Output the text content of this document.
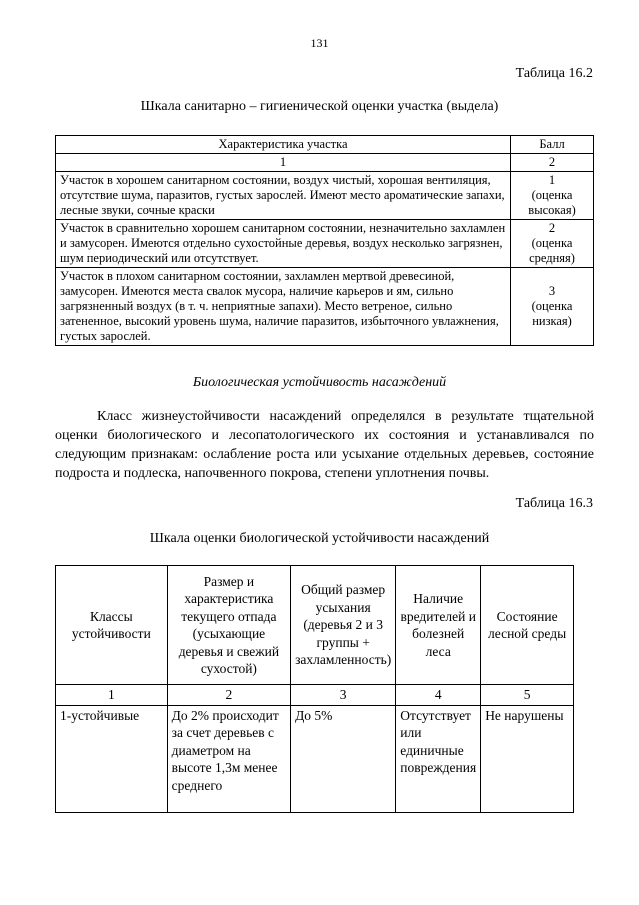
131
Таблица 16.2
Шкала санитарно – гигиенической оценки участка (выдела)
Характеристика участка	Балл
1	2
Участок в хорошем санитарном состоянии, воздух чистый, хорошая вентиляция, отсутствие шума, паразитов, густых зарослей. Имеют место ароматические запахи, лесные звуки, сочные краски	1
(оценка высокая)

Участок в сравнительно хорошем санитарном состоянии, незначительно захламлен и замусорен. Имеются отдельно сухостойные деревья, воздух несколько загрязнен, шум периодический или отсутствует.	2
(оценка средняя)

Участок в плохом санитарном состоянии, захламлен мертвой древесиной, замусорен. Имеются места свалок мусора, наличие карьеров и ям, сильно загрязненный воздух (в т. ч. неприятные запахи). Место ветреное, сильно затененное, высокий уровень шума, наличие паразитов, избыточного увлажнения, густых зарослей.	3
(оценка низкая)
Биологическая устойчивость насаждений

Класс жизнеустойчивости насаждений определялся в результате тщательной оценки биологического и лесопатологического их состояния и устанавливался по следующим признакам: ослабление роста или усыхание отдельных деревьев, состояние подроста и подлеска, напочвенного покрова, степени уплотнения почвы.

Таблица 16.3
Шкала оценки биологической устойчивости насаждений
Классы устойчивости	Размер и характеристика текущего отпада (усыхающие деревья и свежий сухостой)	Общий размер усыхания (деревья 2 и 3 группы + захламленность)	Наличие вредителей и болезней леса	Состояние лесной среды
1	2	3	4	5
1-устойчивые	До 2% происходит за счет деревьев с диаметром на высоте 1,3м менее среднего	До 5%	Отсутствует или единичные повреждения	Не нарушены
